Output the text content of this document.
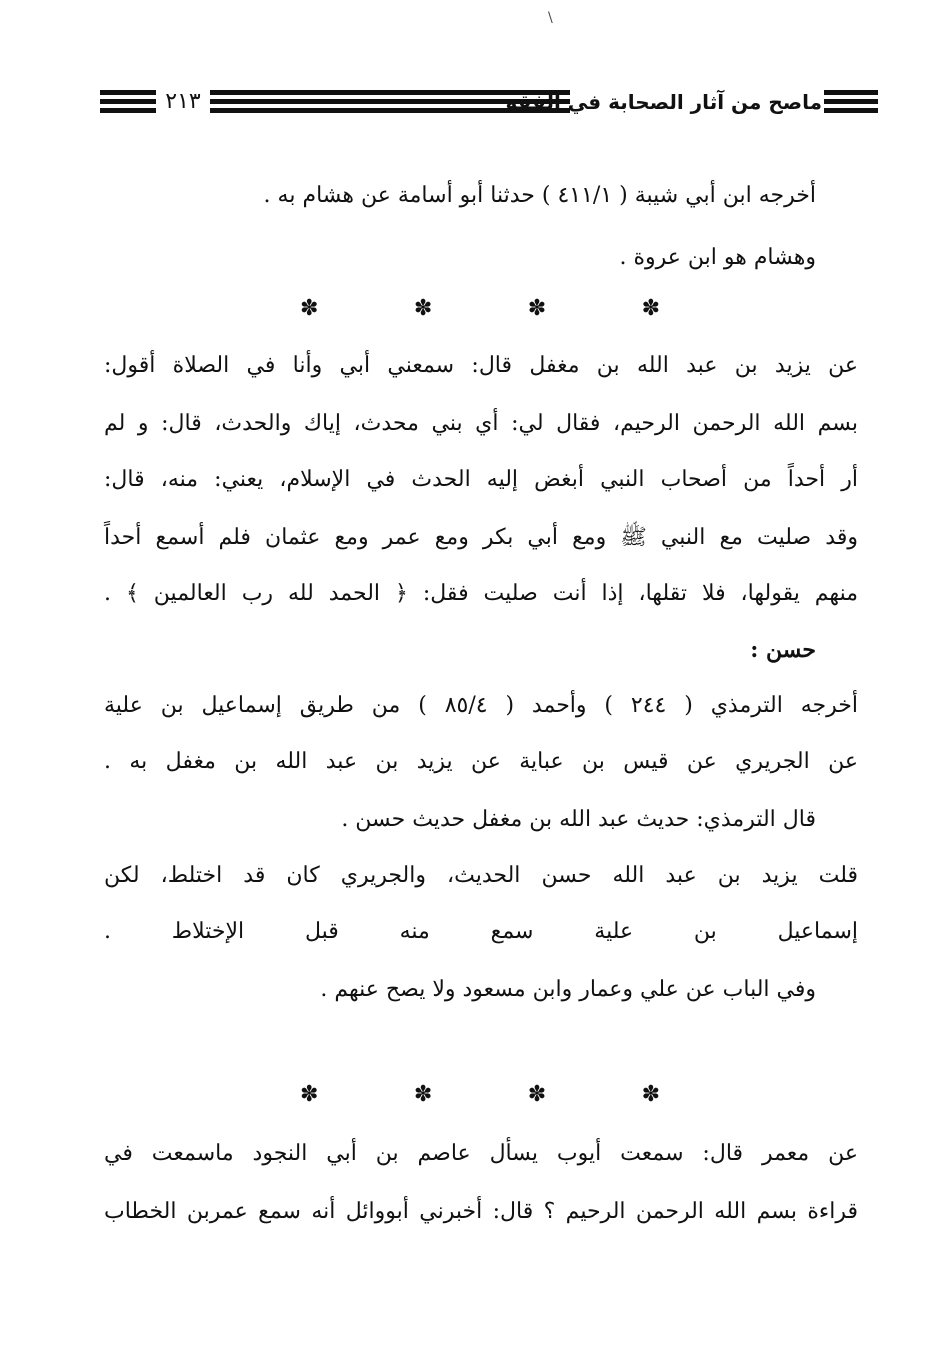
\
٢١٣	ماصح من آثار الصحابة في الفقه
أخرجه ابن أبي شيبة ( ٤١١/١ ) حدثنا أبو أسامة عن هشام به .
وهشام هو ابن عروة .
✽
✽
✽
✽
عن يزيد بن عبد الله بن مغفل قال: سمعني أبي وأنا في الصلاة أقول:
بسم الله الرحمن الرحيم، فقال لي: أي بني محدث، إياك والحدث، قال: و لم
أر أحداً من أصحاب النبي أبغض إليه الحدث في الإسلام، يعني: منه، قال:
وقد صليت مع النبي ﷺ ومع أبي بكر ومع عمر ومع عثمان فلم أسمع أحداً
منهم يقولها، فلا تقلها، إذا أنت صليت فقل: ﴿ الحمد لله رب العالمين ﴾ .
حسن :
أخرجه الترمذي ( ٢٤٤ ) وأحمد ( ٨٥/٤ ) من طريق إسماعيل بن علية
عن الجريري عن قيس بن عباية عن يزيد بن عبد الله بن مغفل به .
قال الترمذي: حديث عبد الله بن مغفل حديث حسن .
قلت يزيد بن عبد الله حسن الحديث، والجريري كان قد اختلط، لكن
إسماعيل بن علية سمع منه قبل الإختلاط .
وفي الباب عن علي وعمار وابن مسعود ولا يصح عنهم .
✽
✽
✽
✽
عن معمر قال: سمعت أيوب يسأل عاصم بن أبي النجود ماسمعت في
قراءة بسم الله الرحمن الرحيم ؟ قال: أخبرني أبووائل أنه سمع عمربن الخطاب
